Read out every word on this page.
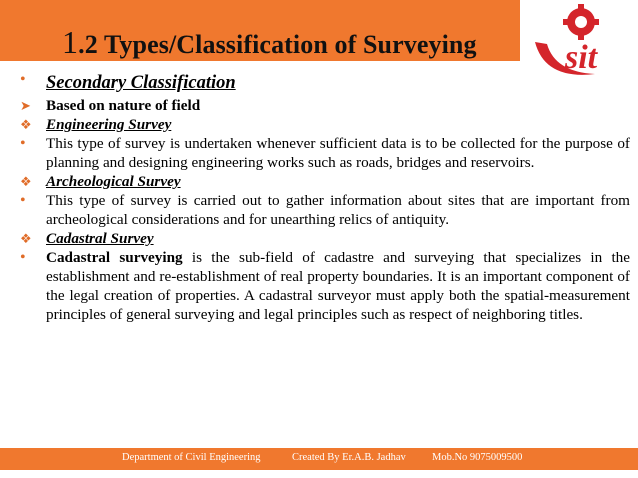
1.2 Types/Classification of Surveying	sit
• Secondary Classification
➤ Based on nature of field
❖ Engineering Survey
• This type of survey is undertaken whenever sufficient data is to be collected for the purpose of planning and designing engineering works such as roads, bridges and reservoirs.
❖ Archeological Survey
• This type of survey is carried out to gather information about sites that are important from archeological considerations and for unearthing relics of antiquity.
❖ Cadastral Survey
• Cadastral surveying is the sub-field of cadastre and surveying that specializes in the establishment and re-establishment of real property boundaries. It is an important component of the legal creation of properties. A cadastral surveyor must apply both the spatial-measurement principles of general surveying and legal principles such as respect of neighboring titles.
Department of Civil Engineering	Created By Er.A.B. Jadhav	Mob.No 9075009500
